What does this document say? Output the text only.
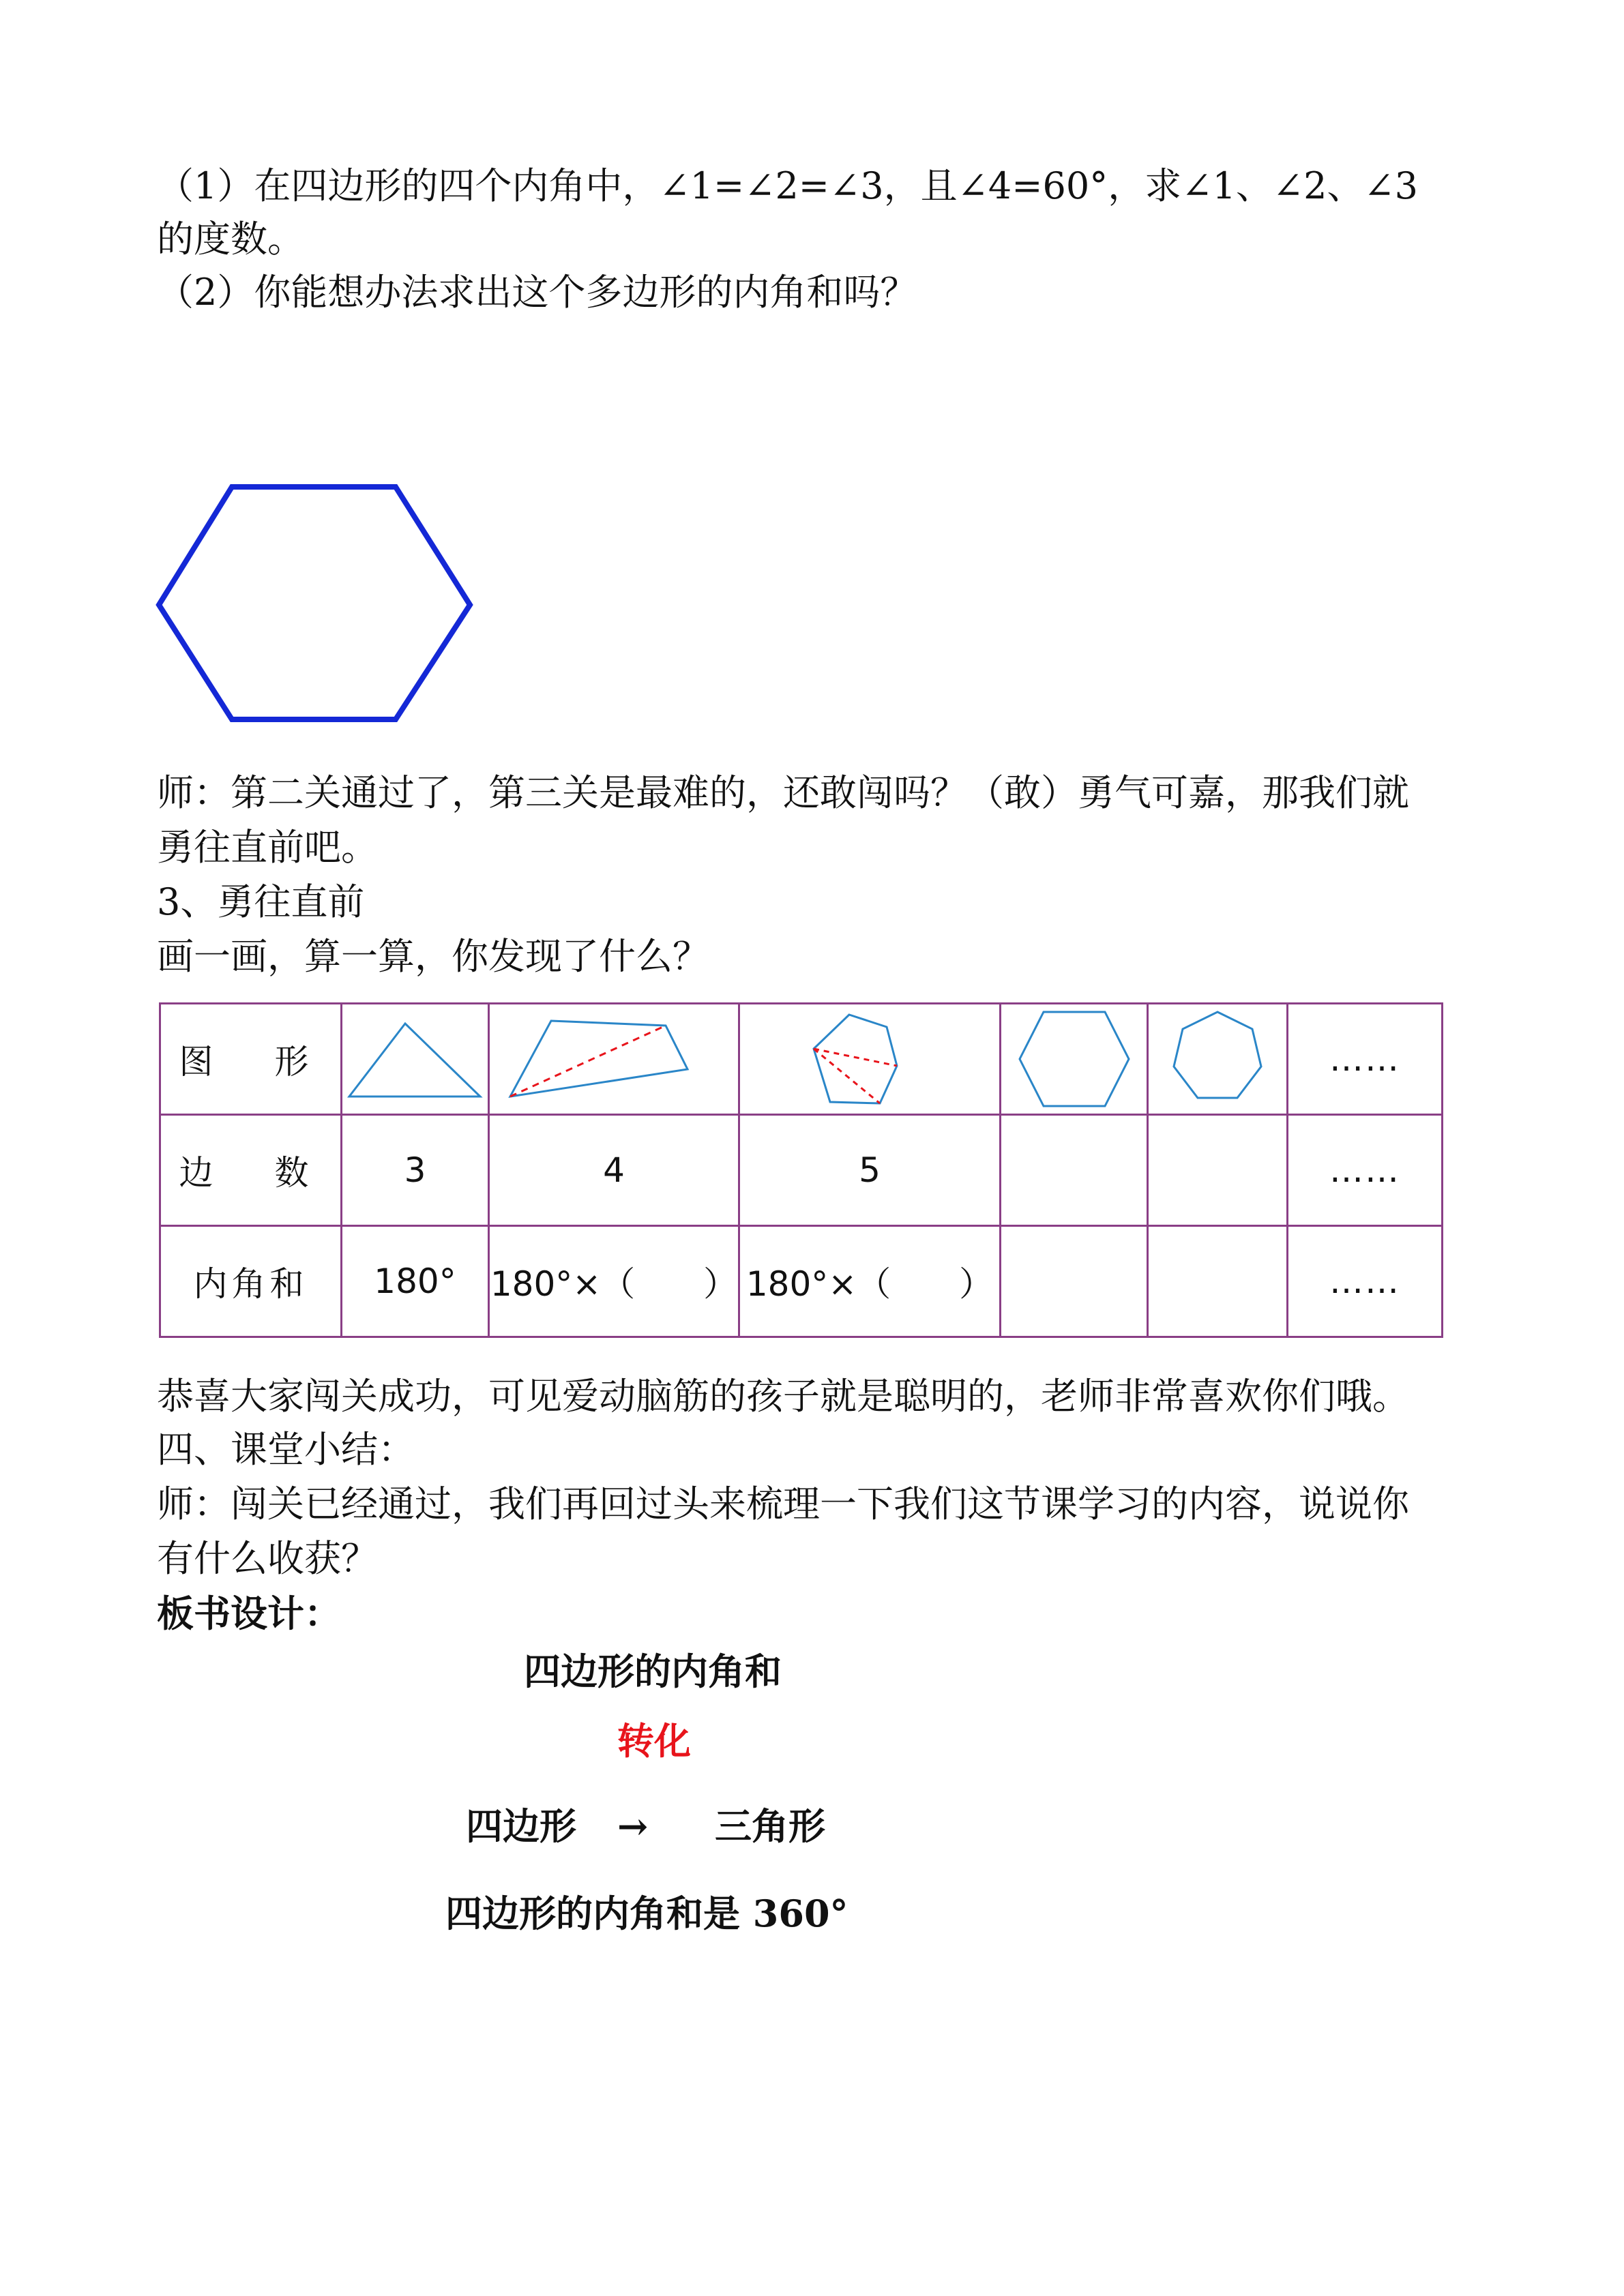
（1）在四边形的四个内角中，∠1=∠2=∠3，且∠4=60°，求∠1、∠2、∠3
的度数。
（2）你能想办法求出这个多边形的内角和吗？
师：第二关通过了，第三关是最难的，还敢闯吗？（敢）勇气可嘉，那我们就
勇往直前吧。
3、勇往直前
画一画，算一算，你发现了什么？
图　形						……
边　数	3	4	5			……
内角和	180°	180°×（　　）	180°×（　　）			……
恭喜大家闯关成功，可见爱动脑筋的孩子就是聪明的，老师非常喜欢你们哦。
四、课堂小结：
师：闯关已经通过，我们再回过头来梳理一下我们这节课学习的内容，说说你
有什么收获？
板书设计：
四边形的内角和
转化
四边形 → 三角形
四边形的内角和是 360°
